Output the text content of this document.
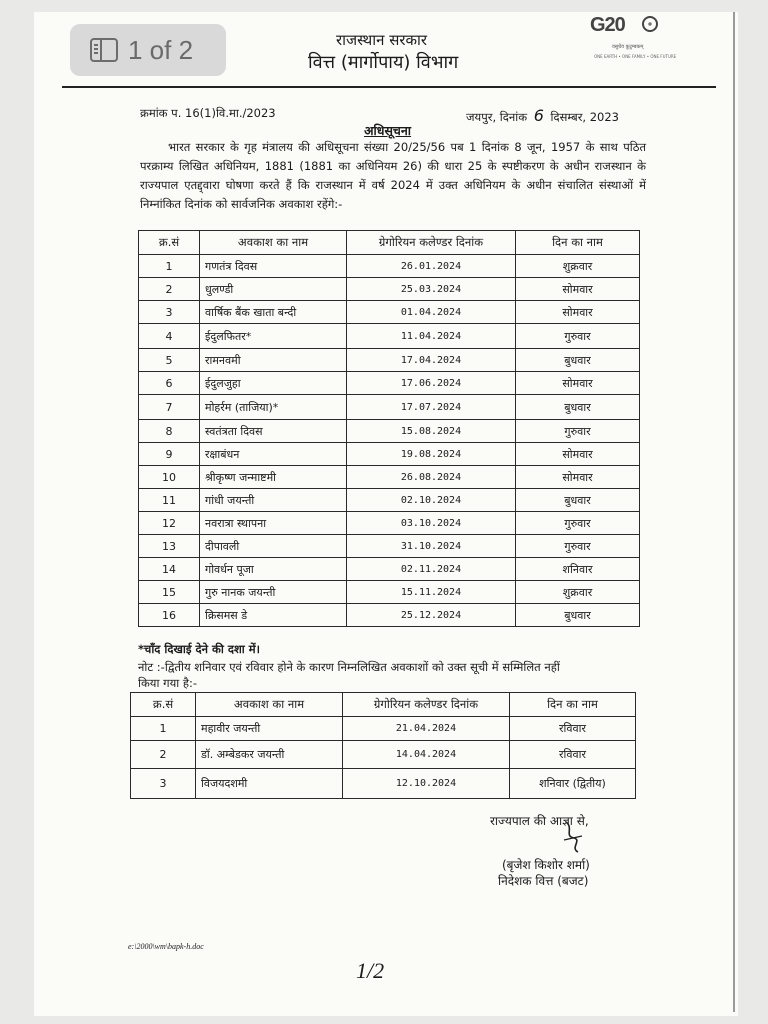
1 of 2	राजस्थान सरकार
वित्त (मार्गोपाय) विभाग
G20
वसुधैव कुटुम्बकम्
ONE EARTH • ONE FAMILY • ONE FUTURE
क्रमांक प. 16(1)वि.मा./2023	जयपुर, दिनांक 6 दिसम्बर, 2023
अधिसूचना
भारत सरकार के गृह मंत्रालय की अधिसूचना संख्या 20/25/56 पब 1 दिनांक 8 जून, 1957 के साथ पठित परक्राम्य लिखित अधिनियम, 1881 (1881 का अधिनियम 26) की धारा 25 के स्पष्टीकरण के अधीन राजस्थान के राज्यपाल एतद्द्वारा घोषणा करते हैं कि राजस्थान में वर्ष 2024 में उक्त अधिनियम के अधीन संचालित संस्थाओं में निम्नांकित दिनांक को सार्वजनिक अवकाश रहेंगे:-
क्र.सं	अवकाश का नाम	ग्रेगोरियन कलेण्डर दिनांक	दिन का नाम
1	गणतंत्र दिवस	26.01.2024	शुक्रवार
2	धुलण्डी	25.03.2024	सोमवार
3	वार्षिक बैंक खाता बन्दी	01.04.2024	सोमवार
4	ईदुलफितर*	11.04.2024	गुरुवार
5	रामनवमी	17.04.2024	बुधवार
6	ईदुलजुहा	17.06.2024	सोमवार
7	मोहर्रम (ताजिया)*	17.07.2024	बुधवार
8	स्वतंत्रता दिवस	15.08.2024	गुरुवार
9	रक्षाबंधन	19.08.2024	सोमवार
10	श्रीकृष्ण जन्माष्टमी	26.08.2024	सोमवार
11	गांधी जयन्ती	02.10.2024	बुधवार
12	नवरात्रा स्थापना	03.10.2024	गुरुवार
13	दीपावली	31.10.2024	गुरुवार
14	गोवर्धन पूजा	02.11.2024	शनिवार
15	गुरु नानक जयन्ती	15.11.2024	शुक्रवार
16	क्रिसमस डे	25.12.2024	बुधवार
*चाँद दिखाई देने की दशा में।
नोट :-द्वितीय शनिवार एवं रविवार होने के कारण निम्नलिखित अवकाशों को उक्त सूची में सम्मिलित नहीं
किया गया है:-
क्र.सं	अवकाश का नाम	ग्रेगोरियन कलेण्डर दिनांक	दिन का नाम
1	महावीर जयन्ती	21.04.2024	रविवार
2	डॉ. अम्बेडकर जयन्ती	14.04.2024	रविवार
3	विजयदशमी	12.10.2024	शनिवार (द्वितीय)
राज्यपाल की आज्ञा से,
(बृजेश किशोर शर्मा)
निदेशक वित्त (बजट)
e:\2000\wm\bapk-h.doc
1/2
